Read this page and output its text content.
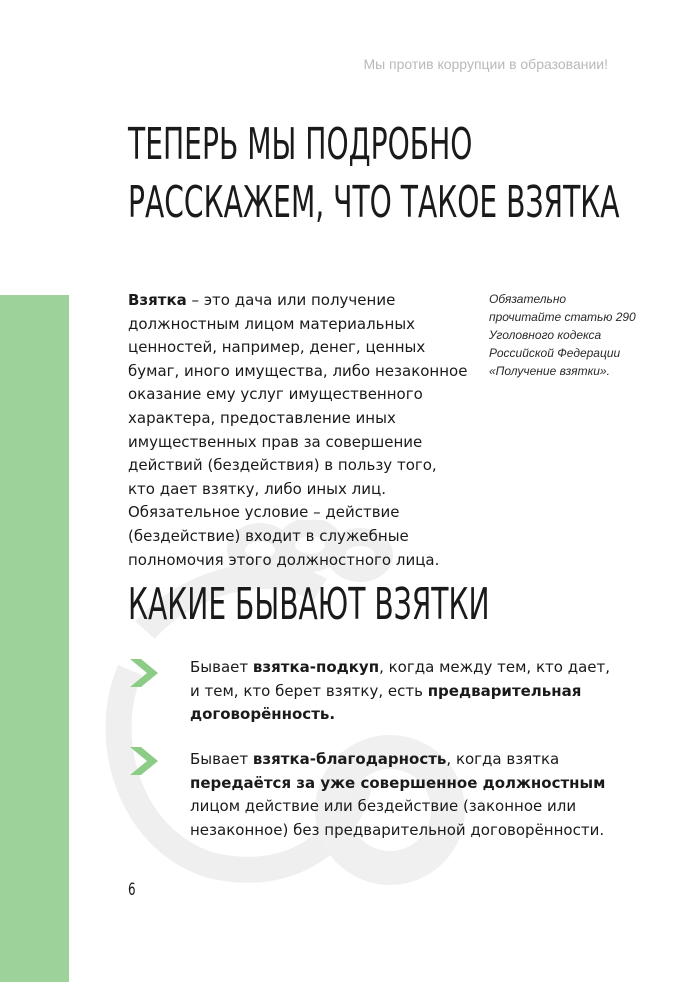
Мы против коррупции в образовании!
ТЕПЕРЬ МЫ ПОДРОБНО
РАССКАЖЕМ, ЧТО ТАКОЕ ВЗЯТКА

Взятка – это дача или получение должностным лицом материальных ценностей, например, денег, ценных бумаг, иного имущества, либо незаконное оказание ему услуг имущественного характера, предоставление иных имущественных прав за совершение действий (бездействия) в пользу того, кто дает взятку, либо иных лиц. Обязательное условие – действие (бездействие) входит в служебные полномочия этого должностного лица.

Обязательно прочитайте статью 290 Уголовного кодекса Российской Федерации «Получение взятки».

КАКИЕ БЫВАЮТ ВЗЯТКИ

Бывает взятка-подкуп, когда между тем, кто дает, и тем, кто берет взятку, есть предварительная договорённость.

Бывает взятка-благодарность, когда взятка передаётся за уже совершенное должностным лицом действие или бездействие (законное или незаконное) без предварительной договорённости.

6
